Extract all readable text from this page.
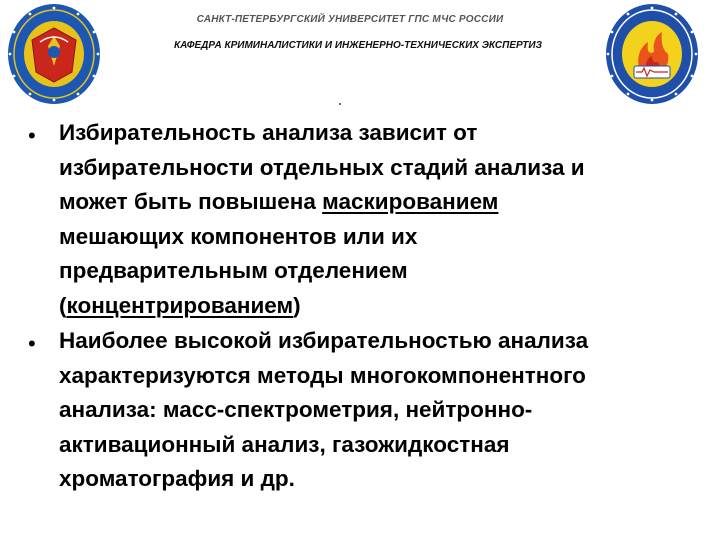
САНКТ-ПЕТЕРБУРГСКИЙ УНИВЕРСИТЕТ ГПС МЧС РОССИИ
КАФЕДРА КРИМИНАЛИСТИКИ И ИНЖЕНЕРНО-ТЕХНИЧЕСКИХ ЭКСПЕРТИЗ
• Избирательность анализа зависит от
избирательности отдельных стадий анализа и
может быть повышена маскированием
мешающих компонентов или их
предварительным отделением
(концентрированием)
• Наиболее высокой избирательностью анализа
характеризуются методы многокомпонентного
анализа: масс-спектрометрия, нейтронно-
активационный анализ, газожидкостная
хроматография и др.
